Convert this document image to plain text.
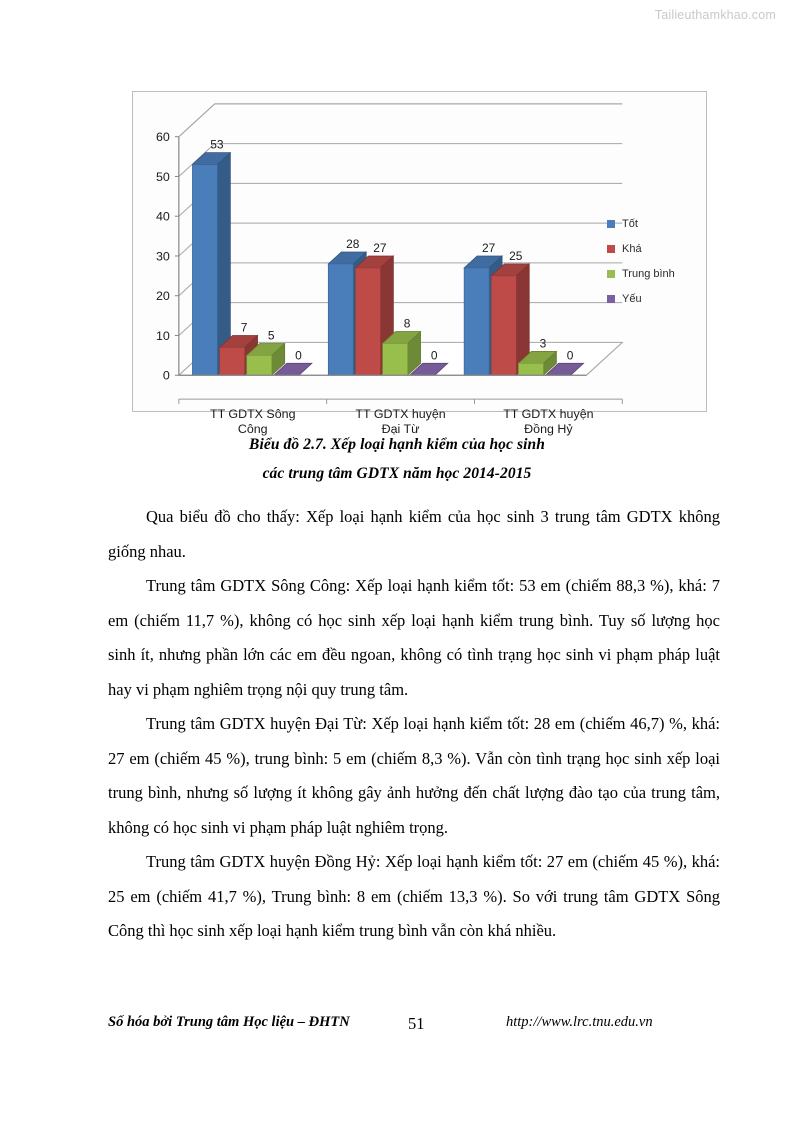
Tailieuthamkhao.com
0
10
20
30
40
50
60
TT GDTX Sông
Công
TT GDTX huyện
Đại Từ
TT GDTX huyện
Đồng Hỷ
53
7
5
0
28 27
8
0
27
25
3
0
Tốt
Khá
Trung bình
Yếu
Biểu đồ 2.7. Xếp loại hạnh kiểm của học sinh
các trung tâm GDTX năm học 2014-2015

Qua biểu đồ cho thấy: Xếp loại hạnh kiểm của học sinh 3 trung tâm GDTX không giống nhau.

Trung tâm GDTX Sông Công: Xếp loại hạnh kiểm tốt: 53 em (chiếm 88,3 %), khá: 7 em (chiếm 11,7 %), không có học sinh xếp loại hạnh kiểm trung bình. Tuy số lượng học sinh ít, nhưng phần lớn các em đều ngoan, không có tình trạng học sinh vi phạm pháp luật hay vi phạm nghiêm trọng nội quy trung tâm.

Trung tâm GDTX huyện Đại Từ: Xếp loại hạnh kiểm tốt: 28 em (chiếm 46,7) %, khá: 27 em (chiếm 45 %), trung bình: 5 em (chiếm 8,3 %). Vẫn còn tình trạng học sinh xếp loại trung bình, nhưng số lượng ít không gây ảnh hưởng đến chất lượng đào tạo của trung tâm, không có học sinh vi phạm pháp luật nghiêm trọng.

Trung tâm GDTX huyện Đồng Hỷ: Xếp loại hạnh kiểm tốt: 27 em (chiếm 45 %), khá: 25 em (chiếm 41,7 %), Trung bình: 8 em (chiếm 13,3 %). So với trung tâm GDTX Sông Công thì học sinh xếp loại hạnh kiểm trung bình vẫn còn khá nhiều.

Số hóa bởi Trung tâm Học liệu – ĐHTN	51	http://www.lrc.tnu.edu.vn
